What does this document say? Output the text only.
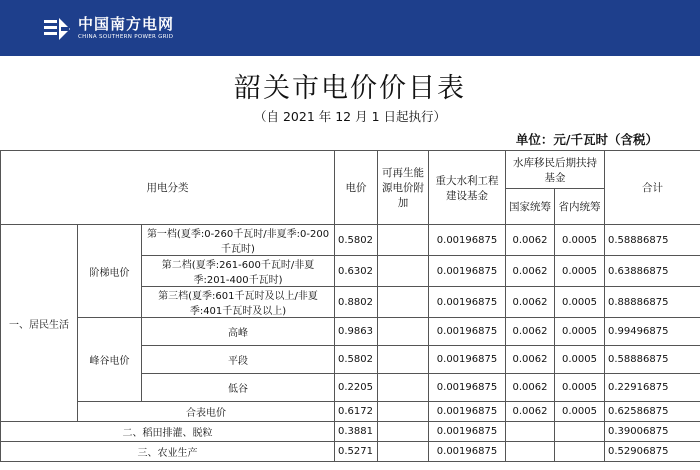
中国南方电网
CHINA SOUTHERN POWER GRID
韶关市电价价目表
（自 2021 年 12 月 1 日起执行）
单位：元/千瓦时（含税）
用电分类			电价	可再生能源电价附加	重大水利工程建设基金	水库移民后期扶持基金		合计
						国家统筹	省内统筹	
一、居民生活	阶梯电价	第一档(夏季:0-260千瓦时/非夏季:0-200千瓦时)	0.5802		0.00196875	0.0062	0.0005	0.58886875
		第二档(夏季:261-600千瓦时/非夏季:201-400千瓦时)	0.6302		0.00196875	0.0062	0.0005	0.63886875
		第三档(夏季:601千瓦时及以上/非夏季:401千瓦时及以上)	0.8802		0.00196875	0.0062	0.0005	0.88886875
	峰谷电价	高峰	0.9863		0.00196875	0.0062	0.0005	0.99496875
		平段	0.5802		0.00196875	0.0062	0.0005	0.58886875
		低谷	0.2205		0.00196875	0.0062	0.0005	0.22916875
	合表电价		0.6172		0.00196875	0.0062	0.0005	0.62586875
二、稻田排灌、脱粒			0.3881		0.00196875			0.39006875
三、农业生产			0.5271		0.00196875			0.52906875
